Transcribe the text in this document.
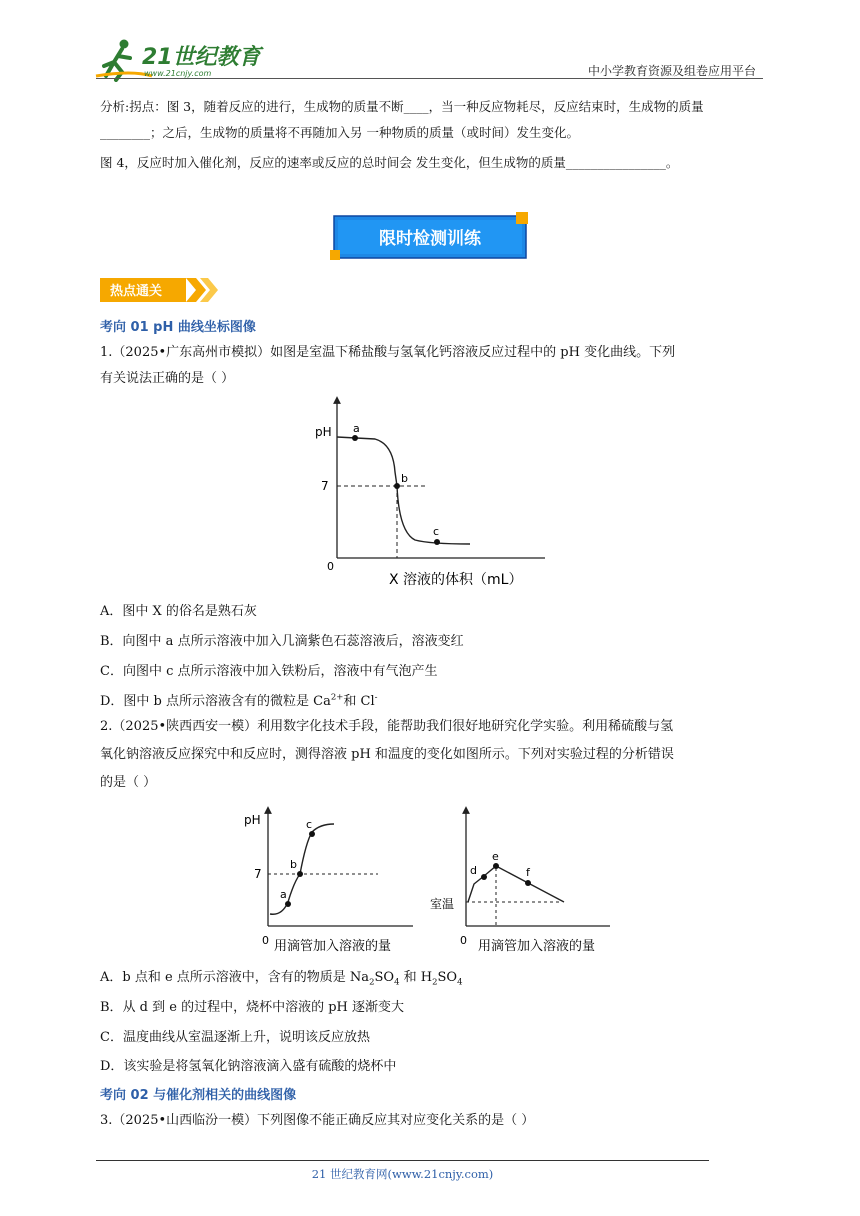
21世纪教育
www.21cnjy.com	中小学教育资源及组卷应用平台
分析:拐点：图 3，随着反应的进行，生成物的质量不断____，当一种反应物耗尽，反应结束时，生成物的质量
________；之后，生成物的质量将不再随加入另 一种物质的质量（或时间）发生变化。
图 4，反应时加入催化剂，反应的速率或反应的总时间会 发生变化，但生成物的质量________________。
限时检测训练
热点通关
考向 01 pH 曲线坐标图像
1.（2025•广东高州市模拟）如图是室温下稀盐酸与氢氧化钙溶液反应过程中的 pH 变化曲线。下列
有关说法正确的是（ ）
pH
7
0
a
b
c
X 溶液的体积（mL）
A．图中 X 的俗名是熟石灰
B．向图中 a 点所示溶液中加入几滴紫色石蕊溶液后，溶液变红
C．向图中 c 点所示溶液中加入铁粉后，溶液中有气泡产生
D．图中 b 点所示溶液含有的微粒是 $Ca^{2+}$和 Cl-
2.（2025•陕西西安一模）利用数字化技术手段，能帮助我们很好地研究化学实验。利用稀硫酸与氢
氧化钠溶液反应探究中和反应时，测得溶液 pH 和温度的变化如图所示。下列对实验过程的分析错误
的是（ ）
pH
7
0
a
b
c
用滴管加入溶液的量
室温
0
d
e
f
用滴管加入溶液的量
A．b 点和 e 点所示溶液中，含有的物质是 $Na_2SO_4$ 和 $H_2SO_4$
B．从 d 到 e 的过程中，烧杯中溶液的 pH 逐渐变大
C．温度曲线从室温逐渐上升，说明该反应放热
D．该实验是将氢氧化钠溶液滴入盛有硫酸的烧杯中
考向 02 与催化剂相关的曲线图像
3.（2025•山西临汾一模）下列图像不能正确反应其对应变化关系的是（ ）
21 世纪教育网(www.21cnjy.com)
